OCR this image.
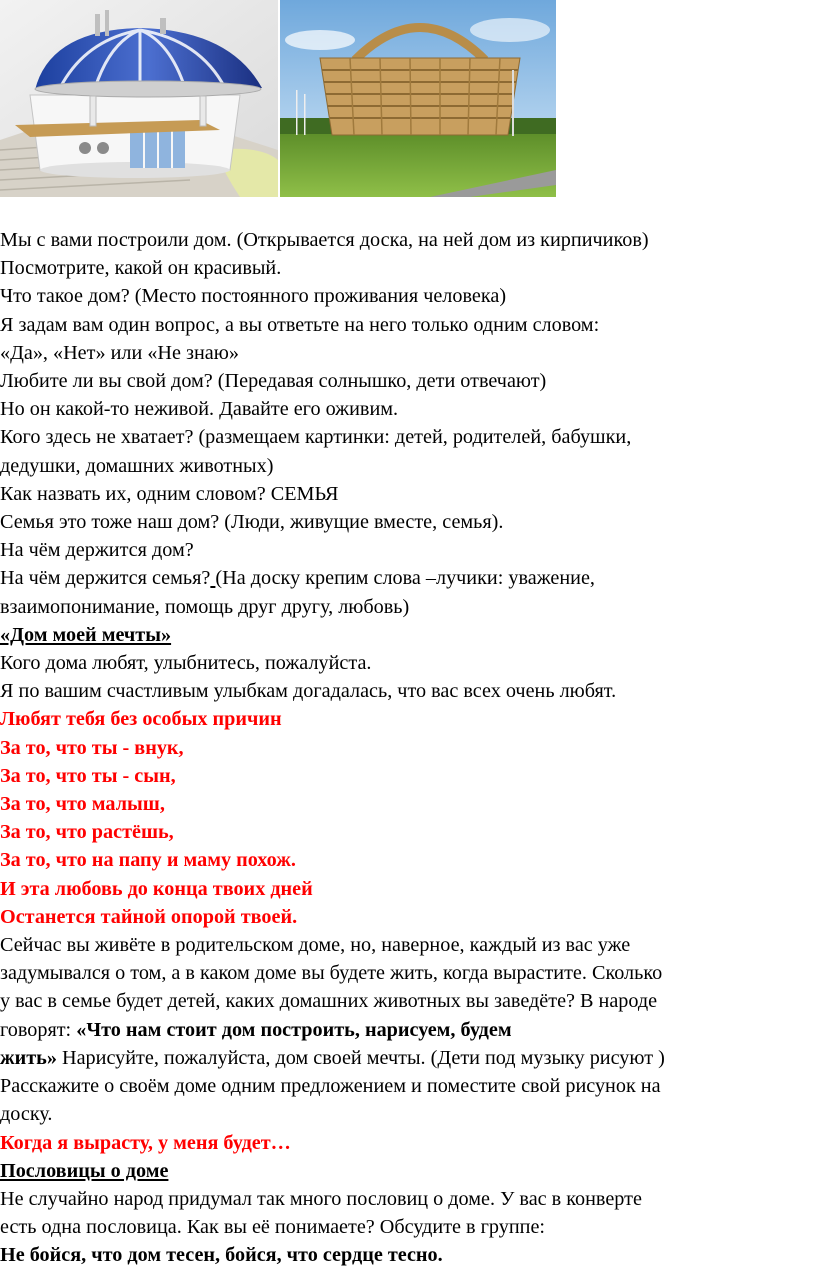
Мы с вами построили дом. (Открывается доска, на ней дом из кирпичиков)

Посмотрите, какой он красивый.

Что такое дом? (Место постоянного проживания человека)

Я задам вам один вопрос, а вы ответьте на него только одним словом:

«Да», «Нет» или «Не знаю»

Любите ли вы свой дом? (Передавая солнышко, дети отвечают)

Но он какой-то неживой. Давайте его оживим.

Кого здесь не хватает? (размещаем картинки: детей, родителей, бабушки,

дедушки, домашних животных)

Как назвать их, одним словом? СЕМЬЯ

Семья это тоже наш дом? (Люди, живущие вместе, семья).

На чём держится дом?

На чём держится семья? (На доску крепим слова –лучики: уважение,

взаимопонимание, помощь друг другу, любовь)

«Дом моей мечты»

Кого дома любят, улыбнитесь, пожалуйста.

Я по вашим счастливым улыбкам догадалась, что вас всех очень любят.

Любят тебя без особых причин

За то, что ты - внук,

За то, что ты - сын,

За то, что малыш,

За то, что растёшь,

За то, что на папу и маму похож.

И эта любовь до конца твоих дней

Останется тайной опорой твоей.

Сейчас вы живёте в родительском доме, но, наверное, каждый из вас уже

задумывался о том, а в каком доме вы будете жить, когда вырастите. Сколько

у вас в семье будет детей, каких домашних животных вы заведёте? В народе

говорят: «Что нам стоит дом построить, нарисуем, будем

жить» Нарисуйте, пожалуйста, дом своей мечты. (Дети под музыку рисуют )

Расскажите о своём доме одним предложением и поместите свой рисунок на

доску.

Когда я вырасту, у меня будет…

Пословицы о доме

Не случайно народ придумал так много пословиц о доме. У вас в конверте

есть одна пословица. Как вы её понимаете? Обсудите в группе:

Не бойся, что дом тесен, бойся, что сердце тесно.
